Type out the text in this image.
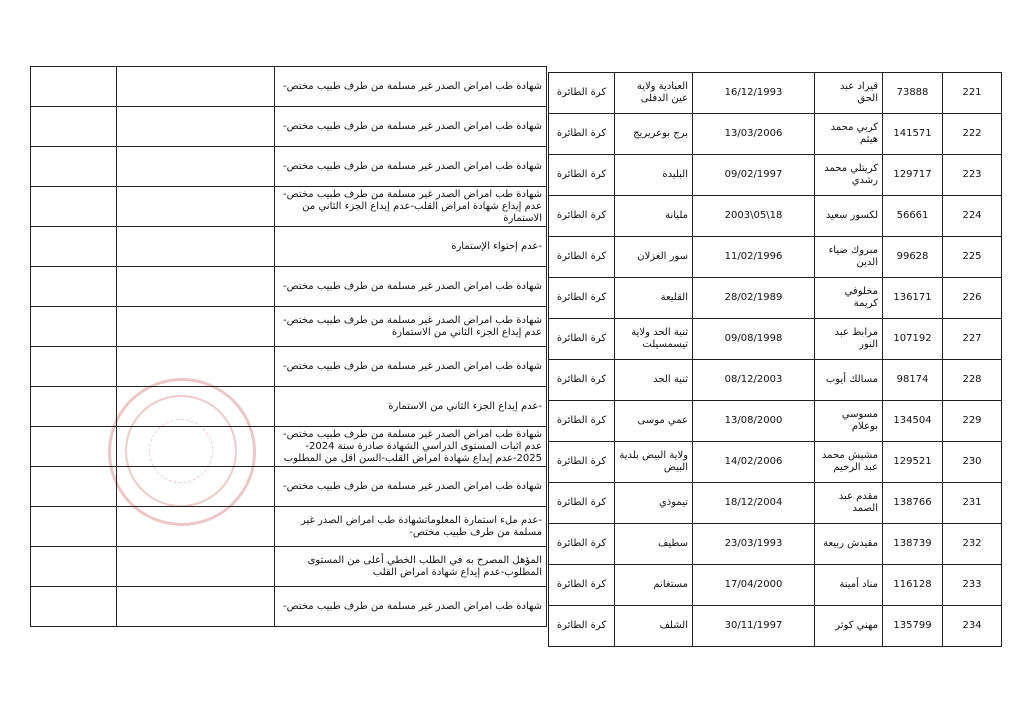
		شهادة طب امراض الصدر غير مسلمة من طرف طبيب مختص-
		شهادة طب امراض الصدر غير مسلمة من طرف طبيب مختص-
		شهادة طب امراض الصدر غير مسلمة من طرف طبيب مختص-
		شهادة طب امراض الصدر غير مسلمة من طرف طبيب مختص-عدم إيداع شهادة امراض القلب-عدم إيداع الجزء الثاني من الاستمارة
		-عدم إحتواء الإستمارة
		شهادة طب امراض الصدر غير مسلمة من طرف طبيب مختص-
		شهادة طب امراض الصدر غير مسلمة من طرف طبيب مختص-عدم إيداع الجزء الثاني من الاستمارة
		شهادة طب امراض الصدر غير مسلمة من طرف طبيب مختص-
		-عدم إيداع الجزء الثاني من الاستمارة
		شهادة طب امراض الصدر غير مسلمة من طرف طبيب مختص-عدم اثبات المستوى الدراسي الشهادة صادرة سنة 2024-2025-عدم إيداع شهادة امراض القلب-السن اقل من المطلوب
		شهادة طب امراض الصدر غير مسلمة من طرف طبيب مختص-
		-عدم ملء استمارة المعلوماتشهادة طب امراض الصدر غير مسلمة من طرف طبيب مختص-
		المؤهل المصرح به في الطلب الخطي أعلى من المستوى المطلوب-عدم إيداع شهادة امراض القلب
		شهادة طب امراض الصدر غير مسلمة من طرف طبيب مختص-
كرة الطائرة	العبادية ولاية عين الدفلى	16/12/1993	قيراد عبد الحق	73888	221
كرة الطائرة	برج بوعريريج	13/03/2006	كربي محمد هيثم	141571	222
كرة الطائرة	البليدة	09/02/1997	كريتلي محمد رشدي	129717	223
كرة الطائرة	مليانة	2003\05\18	لكسور سعيد	56661	224
كرة الطائرة	سور الغزلان	11/02/1996	مبروك ضياء الدين	99628	225
كرة الطائرة	القليعة	28/02/1989	مخلوفي كريمة	136171	226
كرة الطائرة	ثنية الحد ولاية تيسمسيلت	09/08/1998	مرابط عبد النور	107192	227
كرة الطائرة	ثنية الحد	08/12/2003	مسالك أيوب	98174	228
كرة الطائرة	عمي موسى	13/08/2000	مسوسي بوعلام	134504	229
كرة الطائرة	ولاية البيض بلدية البيض	14/02/2006	مشيش محمد عبد الرحيم	129521	230
كرة الطائرة	تيموذي	18/12/2004	مقدم عبد الصمد	138766	231
كرة الطائرة	سطيف	23/03/1993	مقيدش ربيعة	138739	232
كرة الطائرة	مستغانم	17/04/2000	مناد أمينة	116128	233
كرة الطائرة	الشلف	30/11/1997	مهني كوثر	135799	234
